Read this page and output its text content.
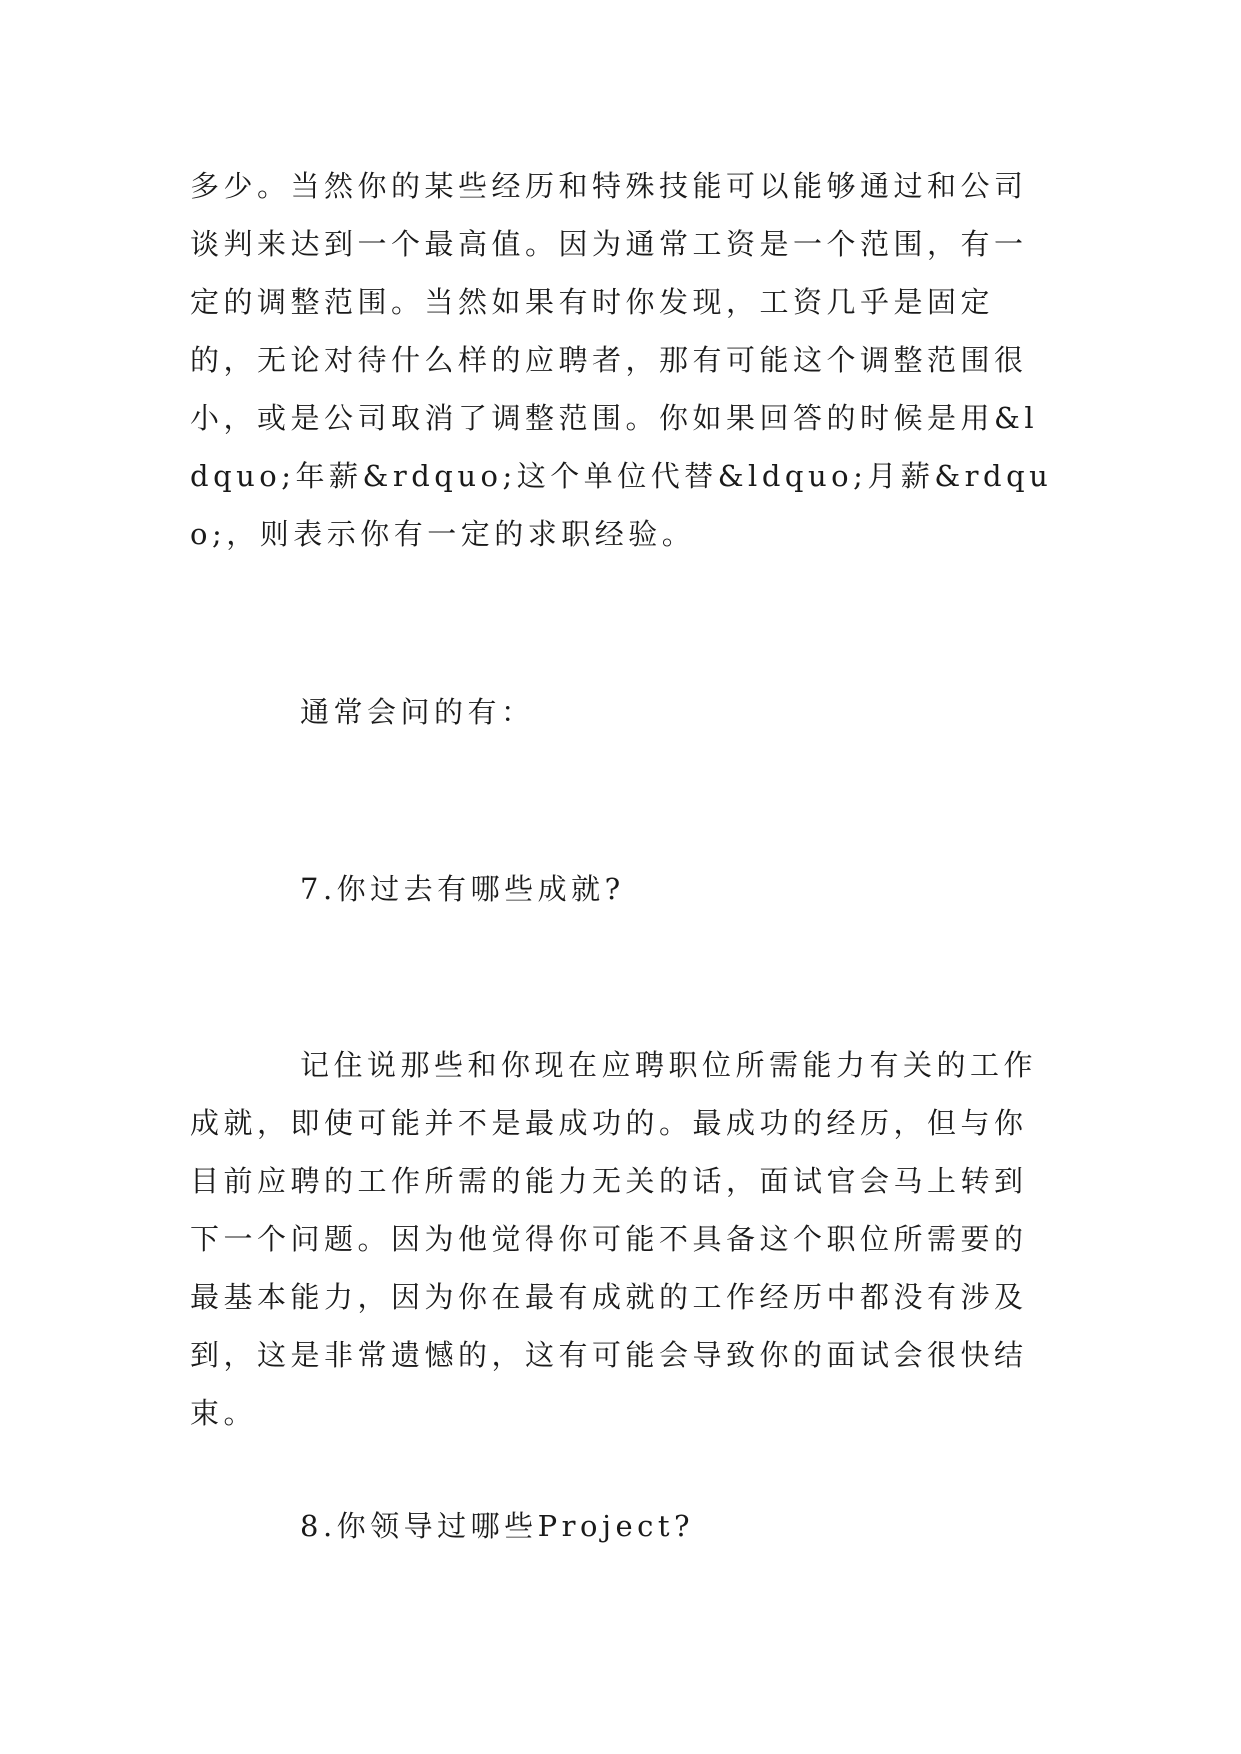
多少。当然你的某些经历和特殊技能可以能够通过和公司谈判来达到一个最高值。因为通常工资是一个范围，有一定的调整范围。当然如果有时你发现，工资几乎是固定的，无论对待什么样的应聘者，那有可能这个调整范围很小，或是公司取消了调整范围。你如果回答的时候是用&ldquo;年薪&rdquo;这个单位代替&ldquo;月薪&rdquo;，则表示你有一定的求职经验。
通常会问的有：
7.你过去有哪些成就?
记住说那些和你现在应聘职位所需能力有关的工作成就，即使可能并不是最成功的。最成功的经历，但与你目前应聘的工作所需的能力无关的话，面试官会马上转到下一个问题。因为他觉得你可能不具备这个职位所需要的最基本能力，因为你在最有成就的工作经历中都没有涉及到，这是非常遗憾的，这有可能会导致你的面试会很快结束。
8.你领导过哪些Project?
